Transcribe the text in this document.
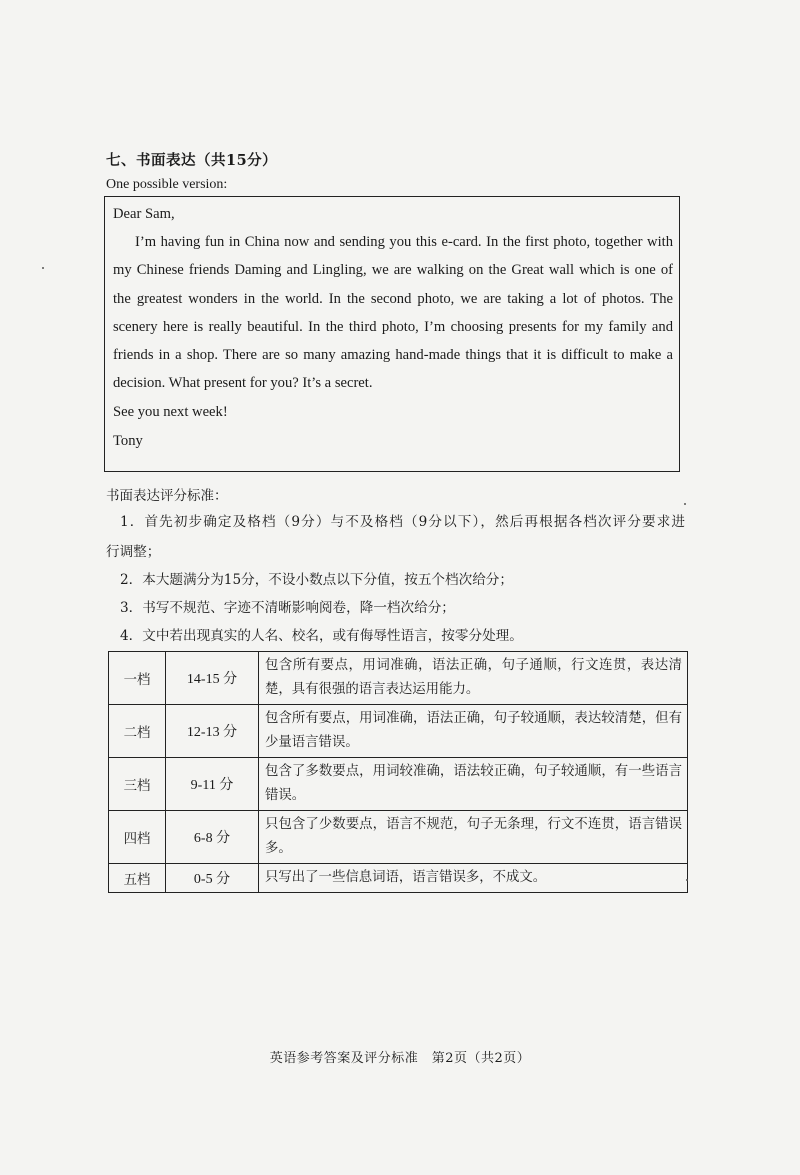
七、书面表达（共15分）
One possible version:
Dear Sam,
I’m having fun in China now and sending you this e-card. In the first photo, together with
my Chinese friends Daming and Lingling, we are walking on the Great wall which is one of
the greatest wonders in the world. In the second photo, we are taking a lot of photos. The
scenery here is really beautiful. In the third photo, I’m choosing presents for my family and
friends in a shop. There are so many amazing hand-made things that it is difficult to make a
decision. What present for you? It’s a secret.
See you next week!
Tony
书面表达评分标准：
1．首先初步确定及格档（9分）与不及格档（9分以下），然后再根据各档次评分要求进
行调整；
2．本大题满分为15分，不设小数点以下分值，按五个档次给分；
3．书写不规范、字迹不清晰影响阅卷，降一档次给分；
4．文中若出现真实的人名、校名，或有侮辱性语言，按零分处理。
一档	14-15 分	包含所有要点，用词准确，语法正确，句子通顺，行文连贯，表达清楚，具有很强的语言表达运用能力。
二档	12-13 分	包含所有要点，用词准确，语法正确，句子较通顺，表达较清楚，但有少量语言错误。
三档	9-11 分	包含了多数要点，用词较准确，语法较正确，句子较通顺，有一些语言错误。
四档	6-8 分	只包含了少数要点，语言不规范，句子无条理，行文不连贯，语言错误多。
五档	0-5 分	只写出了一些信息词语，语言错误多，不成文。
英语参考答案及评分标准　第2页（共2页）
